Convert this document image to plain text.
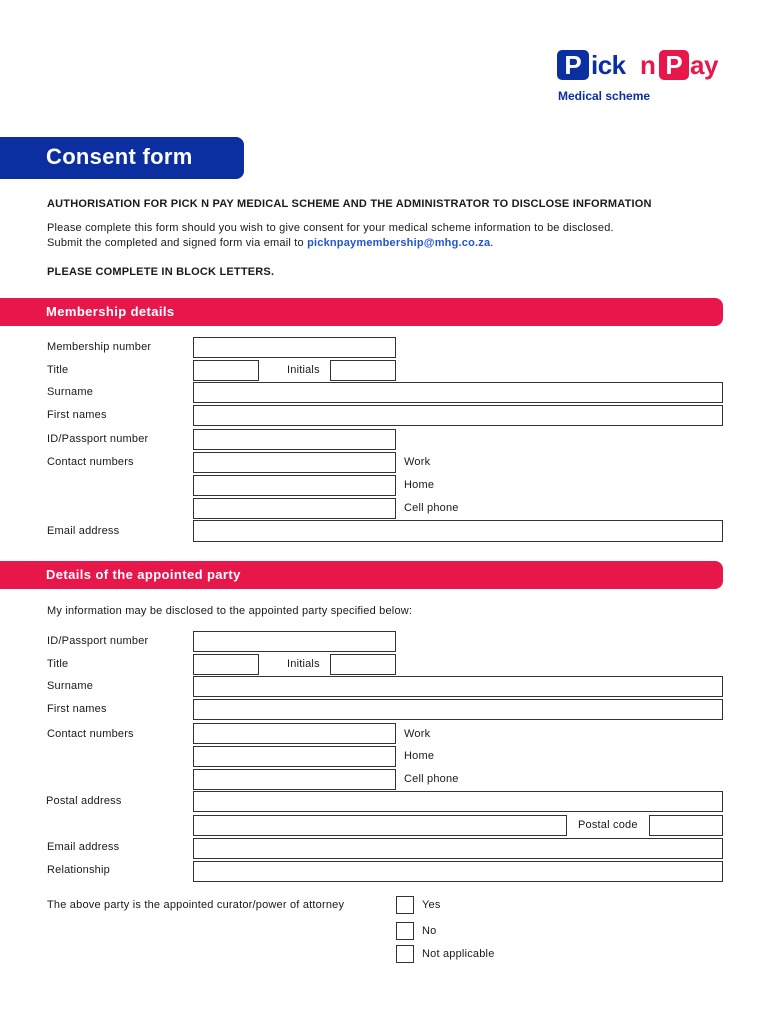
P ick n P ay
Medical scheme
Consent form
AUTHORISATION FOR PICK N PAY MEDICAL SCHEME AND THE ADMINISTRATOR TO DISCLOSE INFORMATION
Please complete this form should you wish to give consent for your medical scheme information to be disclosed.
Submit the completed and signed form via email to picknpaymembership@mhg.co.za.
PLEASE COMPLETE IN BLOCK LETTERS.
Membership details
Membership number
Title	Initials
Surname
First names
ID/Passport number
Contact numbers	Work
Home
Cell phone
Email address
Details of the appointed party
My information may be disclosed to the appointed party specified below:
ID/Passport number
Title	Initials
Surname
First names
Contact numbers	Work
Home
Cell phone
Postal address
Postal code
Email address
Relationship
The above party is the appointed curator/power of attorney	Yes
No
Not applicable
